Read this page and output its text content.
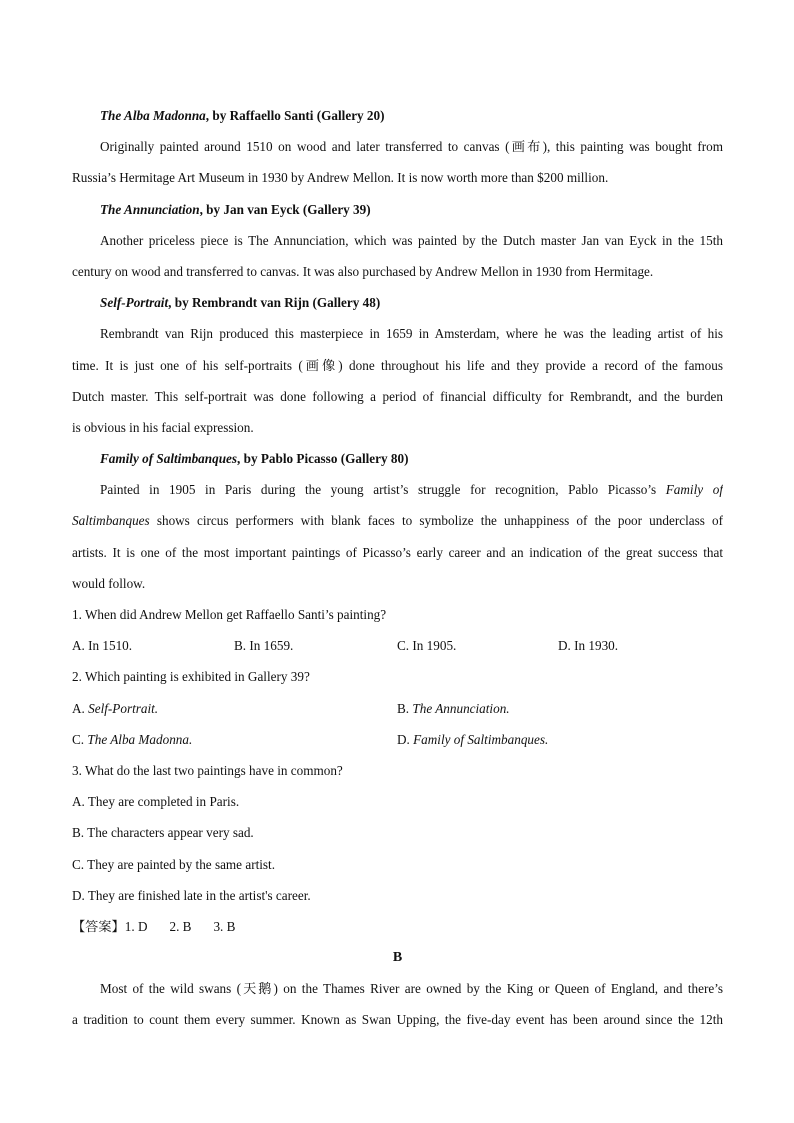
The Alba Madonna, by Raffaello Santi (Gallery 20)

Originally painted around 1510 on wood and later transferred to canvas (画布), this painting was bought from

Russia’s Hermitage Art Museum in 1930 by Andrew Mellon. It is now worth more than $200 million.

The Annunciation, by Jan van Eyck (Gallery 39)

Another priceless piece is The Annunciation, which was painted by the Dutch master Jan van Eyck in the 15th

century on wood and transferred to canvas. It was also purchased by Andrew Mellon in 1930 from Hermitage.

Self-Portrait, by Rembrandt van Rijn (Gallery 48)

Rembrandt van Rijn produced this masterpiece in 1659 in Amsterdam, where he was the leading artist of his

time. It is just one of his self-portraits (画像) done throughout his life and they provide a record of the famous

Dutch master. This self-portrait was done following a period of financial difficulty for Rembrandt, and the burden

is obvious in his facial expression.

Family of Saltimbanques, by Pablo Picasso (Gallery 80)

Painted in 1905 in Paris during the young artist’s struggle for recognition, Pablo Picasso’s Family of

Saltimbanques shows circus performers with blank faces to symbolize the unhappiness of the poor underclass of

artists. It is one of the most important paintings of Picasso’s early career and an indication of the great success that

would follow.

1. When did Andrew Mellon get Raffaello Santi’s painting?

A. In 1510.	B. In 1659.	C. In 1905.	D. In 1930.

2. Which painting is exhibited in Gallery 39?

A. Self-Portrait.	B. The Annunciation.
C. The Alba Madonna.	D. Family of Saltimbanques.

3. What do the last two paintings have in common?

A. They are completed in Paris.

B. The characters appear very sad.

C. They are painted by the same artist.

D. They are finished late in the artist's career.

【答案】1. D 2. B 3. B

B

Most of the wild swans (天鹅) on the Thames River are owned by the King or Queen of England, and there’s

a tradition to count them every summer. Known as Swan Upping, the five-day event has been around since the 12th
